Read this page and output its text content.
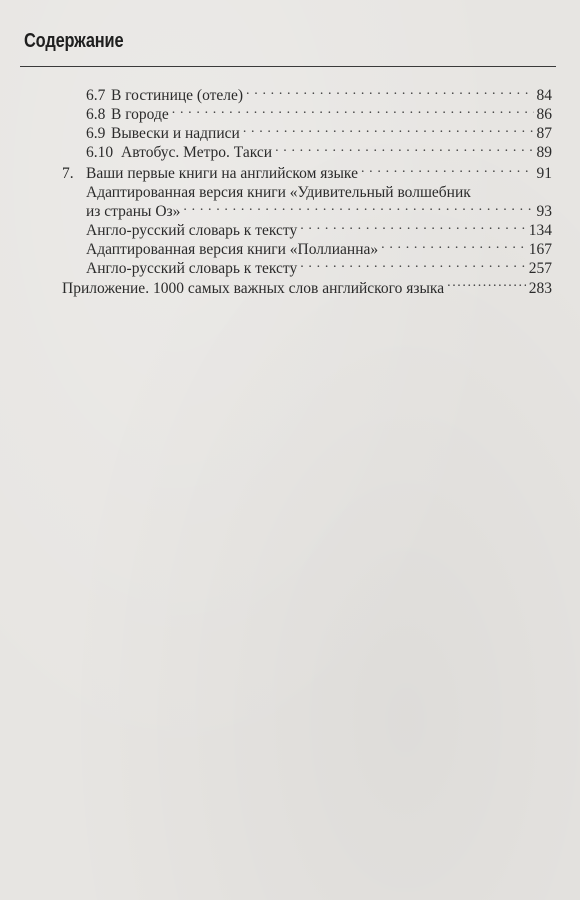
Содержание
6.7 В гостинице (отеле) . . .	84
6.8 В городе . . .	86
6.9 Вывески и надписи . . .	87
6.10 Автобус. Метро. Такси . . .	89
7. Ваши первые книги на английском языке . . .	91
Адаптированная версия книги «Удивительный волшебник
из страны Оз» . . .	93
Англо-русский словарь к тексту . . .	134
Адаптированная версия книги «Поллианна» . . .	167
Англо-русский словарь к тексту . . .	257
Приложение. 1000 самых важных слов английского языка .....	283
